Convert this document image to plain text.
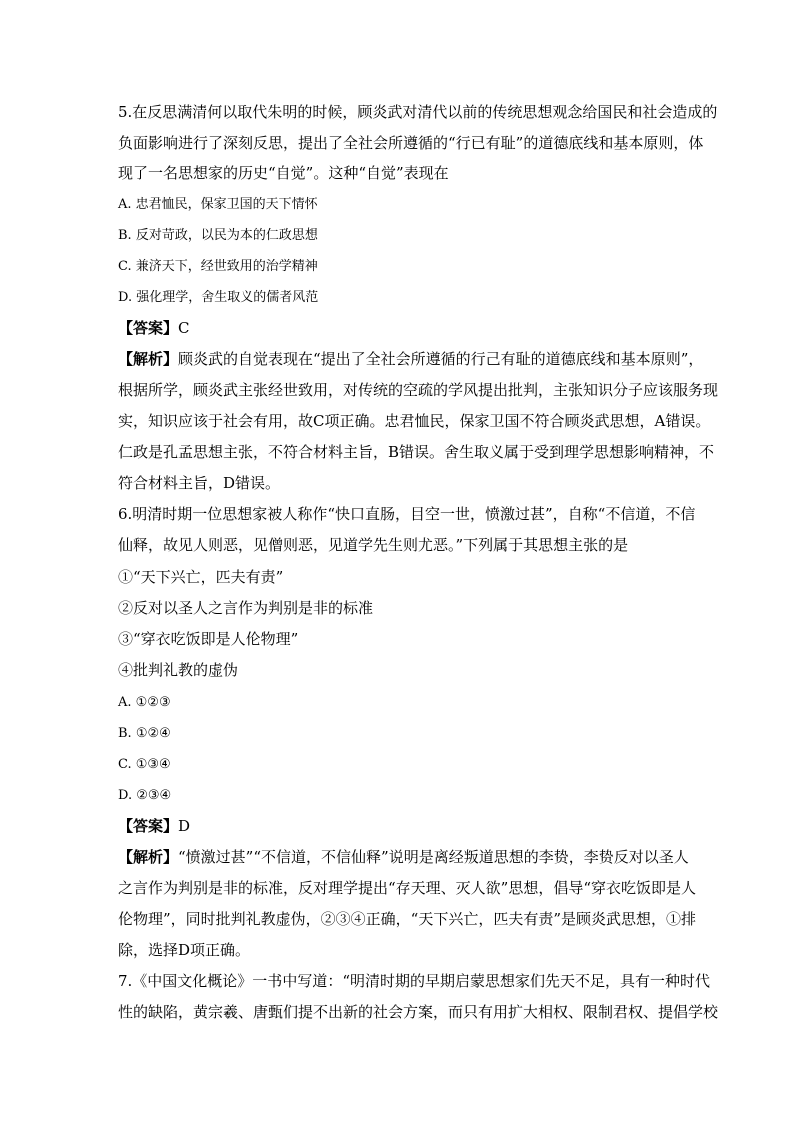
5.在反思满清何以取代朱明的时候，顾炎武对清代以前的传统思想观念给国民和社会造成的
负面影响进行了深刻反思，提出了全社会所遵循的“行已有耻”的道德底线和基本原则，体
现了一名思想家的历史“自觉”。这种“自觉”表现在
A. 忠君恤民，保家卫国的天下情怀
B. 反对苛政，以民为本的仁政思想
C. 兼济天下，经世致用的治学精神
D. 强化理学，舍生取义的儒者风范
【答案】C
【解析】顾炎武的自觉表现在“提出了全社会所遵循的行己有耻的道德底线和基本原则”，
根据所学，顾炎武主张经世致用，对传统的空疏的学风提出批判，主张知识分子应该服务现
实，知识应该于社会有用，故C项正确。忠君恤民，保家卫国不符合顾炎武思想，A错误。
仁政是孔孟思想主张，不符合材料主旨，B错误。舍生取义属于受到理学思想影响精神，不
符合材料主旨，D错误。
6.明清时期一位思想家被人称作“快口直肠，目空一世，愤激过甚”，自称“不信道，不信
仙释，故见人则恶，见僧则恶，见道学先生则尤恶。”下列属于其思想主张的是
①“天下兴亡，匹夫有责”
②反对以圣人之言作为判别是非的标准
③“穿衣吃饭即是人伦物理”
④批判礼教的虚伪
A. ①②③
B. ①②④
C. ①③④
D. ②③④
【答案】D
【解析】“愤激过甚”“不信道，不信仙释”说明是离经叛道思想的李贽，李贽反对以圣人
之言作为判别是非的标准，反对理学提出“存天理、灭人欲”思想，倡导“穿衣吃饭即是人
伦物理”，同时批判礼教虚伪，②③④正确，“天下兴亡，匹夫有责”是顾炎武思想，①排
除，选择D项正确。
7.《中国文化概论》一书中写道：“明清时期的早期启蒙思想家们先天不足，具有一种时代
性的缺陷，黄宗羲、唐甄们提不出新的社会方案，而只有用扩大相权、限制君权、提倡学校
